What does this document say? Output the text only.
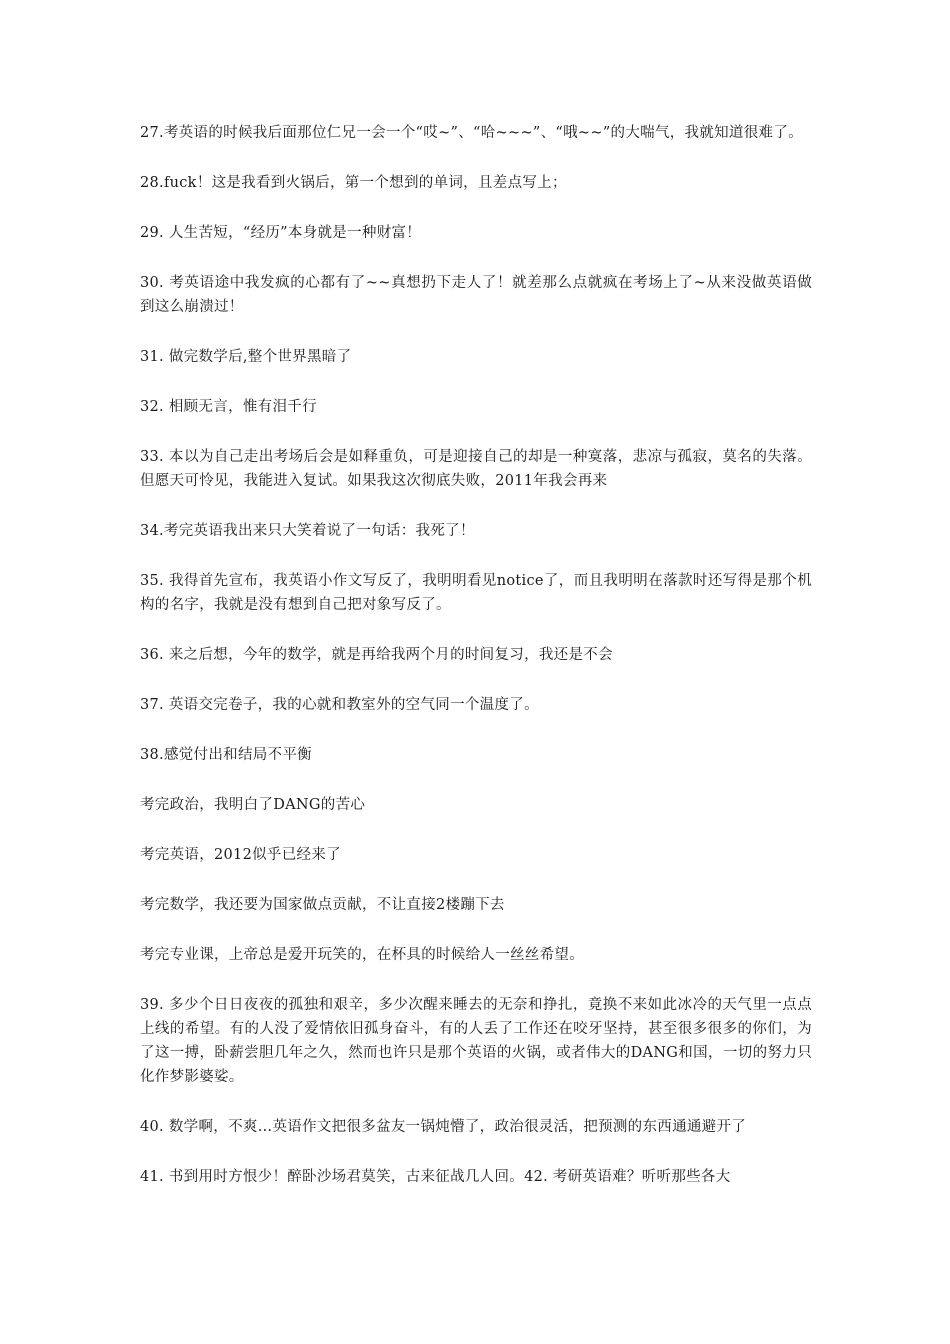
27.考英语的时候我后面那位仁兄一会一个“哎~”、“哈~~~”、“哦~~”的大喘气，我就知道很难了。

28.fuck！这是我看到火锅后，第一个想到的单词，且差点写上；

29. 人生苦短，“经历”本身就是一种财富！

30. 考英语途中我发疯的心都有了~~真想扔下走人了！就差那么点就疯在考场上了~从来没做英语做到这么崩溃过！

31. 做完数学后,整个世界黑暗了

32. 相顾无言，惟有泪千行

33. 本以为自己走出考场后会是如释重负，可是迎接自己的却是一种寞落，悲凉与孤寂，莫名的失落。但愿天可怜见，我能进入复试。如果我这次彻底失败，2011年我会再来

34.考完英语我出来只大笑着说了一句话：我死了！

35. 我得首先宣布，我英语小作文写反了，我明明看见notice了，而且我明明在落款时还写得是那个机构的名字，我就是没有想到自己把对象写反了。

36. 来之后想，今年的数学，就是再给我两个月的时间复习，我还是不会

37. 英语交完卷子，我的心就和教室外的空气同一个温度了。

38.感觉付出和结局不平衡

考完政治，我明白了DANG的苦心

考完英语，2012似乎已经来了

考完数学，我还要为国家做点贡献，不让直接2楼蹦下去

考完专业课，上帝总是爱开玩笑的，在杯具的时候给人一丝丝希望。

39. 多少个日日夜夜的孤独和艰辛，多少次醒来睡去的无奈和挣扎，竟换不来如此冰冷的天气里一点点上线的希望。有的人没了爱情依旧孤身奋斗，有的人丢了工作还在咬牙坚持，甚至很多很多的你们，为了这一搏，卧薪尝胆几年之久，然而也许只是那个英语的火锅，或者伟大的DANG和国，一切的努力只化作梦影婆娑。

40. 数学啊，不爽…英语作文把很多盆友一锅炖懵了，政治很灵活，把预测的东西通通避开了

41. 书到用时方恨少！醉卧沙场君莫笑，古来征战几人回。42. 考研英语难？听听那些各大
